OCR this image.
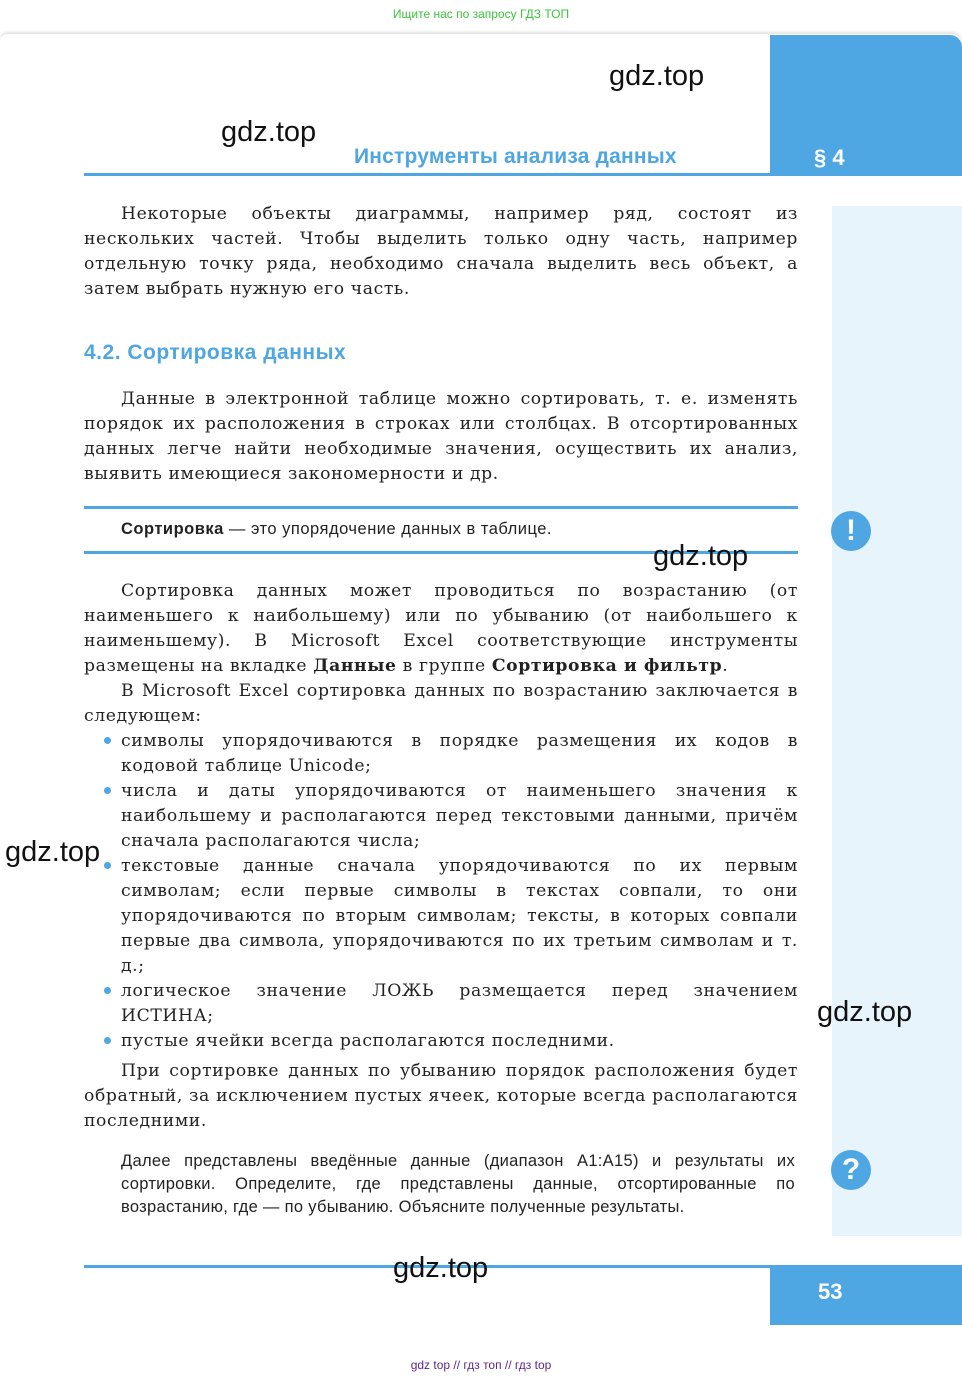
Ищите нас по запросу ГДЗ ТОП
§ 4
Инструменты анализа данных

Некоторые объекты диаграммы, например ряд, состоят из нескольких частей. Чтобы выделить только одну часть, например отдельную точку ряда, необходимо сначала выделить весь объект, а затем выбрать нужную его часть.

4.2. Сортировка данных

Данные в электронной таблице можно сортировать, т. е. изменять порядок их расположения в строках или столбцах. В отсортированных данных легче найти необходимые значения, осуществить их анализ, выявить имеющиеся закономерности и др.

Сортировка — это упорядочение данных в таблице.	!

Сортировка данных может проводиться по возрастанию (от наименьшего к наибольшему) или по убыванию (от наибольшего к наименьшему). В Microsoft Excel соответствующие инструменты размещены на вкладке Данные в группе Сортировка и фильтр.

В Microsoft Excel сортировка данных по возрастанию заключается в следующем:

символы упорядочиваются в порядке размещения их кодов в кодовой таблице Unicode;
числа и даты упорядочиваются от наименьшего значения к наибольшему и располагаются перед текстовыми данными, причём сначала располагаются числа;
текстовые данные сначала упорядочиваются по их первым символам; если первые символы в текстах совпали, то они упорядочиваются по вторым символам; тексты, в которых совпали первые два символа, упорядочиваются по их третьим символам и т. д.;
логическое значение ЛОЖЬ размещается перед значением ИСТИНА;
пустые ячейки всегда располагаются последними.

При сортировке данных по убыванию порядок расположения будет обратный, за исключением пустых ячеек, которые всегда располагаются последними.

Далее представлены введённые данные (диапазон A1:A15) и результаты их сортировки. Определите, где представлены данные, отсортированные по возрастанию, где — по убыванию. Объясните полученные результаты.
?
53
gdz top // гдз топ // гдз top
gdz.top
gdz.top
gdz.top
gdz.top
gdz.top
gdz.top
